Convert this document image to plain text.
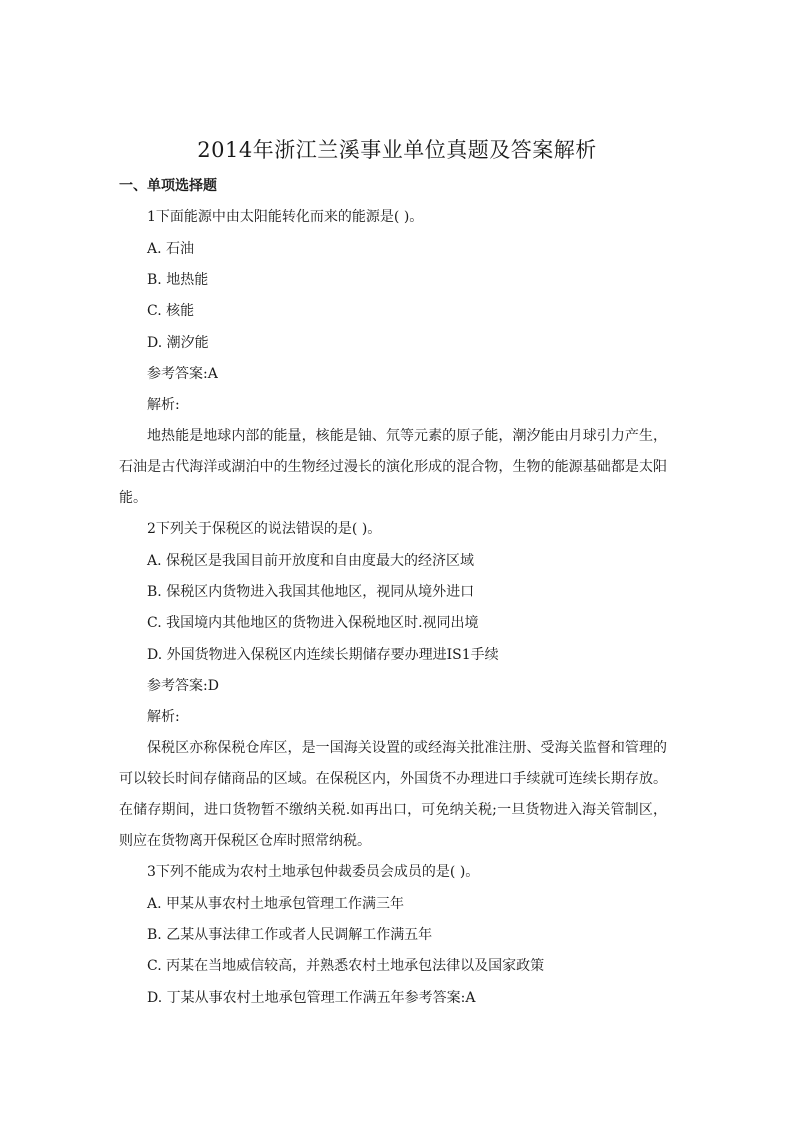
2014年浙江兰溪事业单位真题及答案解析
一、单项选择题

1下面能源中由太阳能转化而来的能源是( )。

A. 石油

B. 地热能

C. 核能

D. 潮汐能

参考答案:A

解析:

地热能是地球内部的能量，核能是铀、氘等元素的原子能，潮汐能由月球引力产生，石油是古代海洋或湖泊中的生物经过漫长的演化形成的混合物，生物的能源基础都是太阳能。

2下列关于保税区的说法错误的是( )。

A. 保税区是我国目前开放度和自由度最大的经济区域

B. 保税区内货物进入我国其他地区，视同从境外进口

C. 我国境内其他地区的货物进入保税地区时.视同出境

D. 外国货物进入保税区内连续长期储存要办理进IS1手续

参考答案:D

解析:

保税区亦称保税仓库区，是一国海关设置的或经海关批准注册、受海关监督和管理的可以较长时间存储商品的区域。在保税区内，外国货不办理进口手续就可连续长期存放。在储存期间，进口货物暂不缴纳关税.如再出口，可免纳关税;一旦货物进入海关管制区，则应在货物离开保税区仓库时照常纳税。

3下列不能成为农村土地承包仲裁委员会成员的是( )。

A. 甲某从事农村土地承包管理工作满三年

B. 乙某从事法律工作或者人民调解工作满五年

C. 丙某在当地威信较高，并熟悉农村土地承包法律以及国家政策

D. 丁某从事农村土地承包管理工作满五年参考答案:A
